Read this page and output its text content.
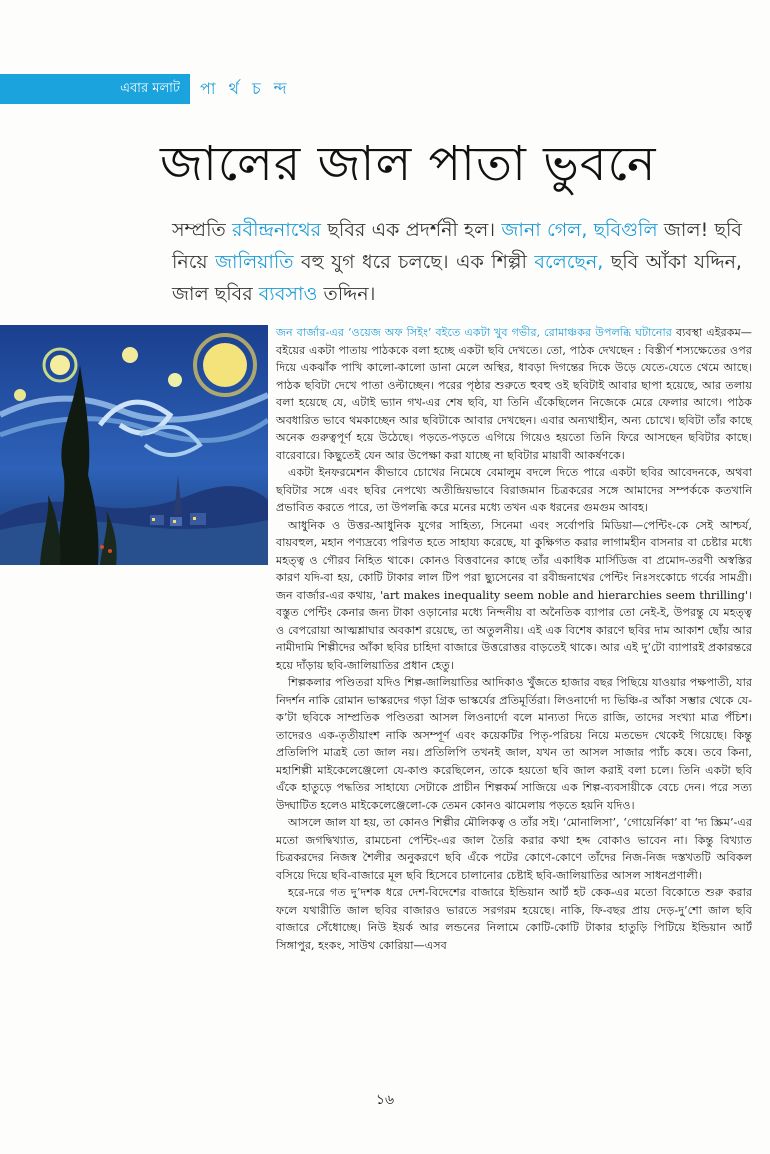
এবার মলাট	পা র্থ চ ন্দ
জালের জাল পাতা ভুবনে
সম্প্রতি রবীন্দ্রনাথের ছবির এক প্রদর্শনী হল। জানা গেল, ছবিগুলি জাল! ছবি নিয়ে জালিয়াতি বহু যুগ ধরে চলছে। এক শিল্পী বলেছেন, ছবি আঁকা যদ্দিন, জাল ছবির ব্যবসাও তদ্দিন।

জন বার্জার-এর ‘ওয়েজ অফ সিইং’ বইতে একটা খুব গভীর, রোমাঞ্চকর উপলব্ধি ঘটানোর ব্যবস্থা এইরকম—বইয়ের একটা পাতায় পাঠককে বলা হচ্ছে একটা ছবি দেখতে। তো, পাঠক দেখছেন : বিস্তীর্ণ শস্যক্ষেতের ওপর দিয়ে একঝাঁক পাখি কালো-কালো ডানা মেলে অস্থির, ধাবড়া দিগন্তের দিকে উড়ে যেতে-যেতে থেমে আছে। পাঠক ছবিটা দেখে পাতা ওল্টাচ্ছেন। পরের পৃষ্ঠার শুরুতে হুবহু ওই ছবিটাই আবার ছাপা হয়েছে, আর তলায় বলা হয়েছে যে, এটাই ভ্যান গখ-এর শেষ ছবি, যা তিনি এঁকেছিলেন নিজেকে মেরে ফেলার আগে। পাঠক অবধারিত ভাবে থমকাচ্ছেন আর ছবিটাকে আবার দেখছেন। এবার অন্যথাহীন, অন্য চোখে। ছবিটা তাঁর কাছে অনেক গুরুত্বপূর্ণ হয়ে উঠেছে। পড়তে-পড়তে এগিয়ে গিয়েও হয়তো তিনি ফিরে আসছেন ছবিটার কাছে। বারেবারে। কিছুতেই যেন আর উপেক্ষা করা যাচ্ছে না ছবিটার মায়াবী আকর্ষণকে।

একটা ইনফরমেশন কীভাবে চোখের নিমেষে বেমালুম বদলে দিতে পারে একটা ছবির আবেদনকে, অথবা ছবিটার সঙ্গে এবং ছবির নেপথ্যে অতীন্দ্রিয়ভাবে বিরাজমান চিত্রকরের সঙ্গে আমাদের সম্পর্ককে কতখানি প্রভাবিত করতে পারে, তা উপলব্ধি করে মনের মধ্যে তখন এক ধরনের গুমগুম আবহ।

আধুনিক ও উত্তর-আধুনিক যুগের সাহিত্য, সিনেমা এবং সর্বোপরি মিডিয়া—পেন্টিং-কে সেই আশ্চর্য, বায়বহুল, মহান পণ্যদ্রব্যে পরিণত হতে সাহায্য করেছে, যা কুক্ষিগত করার লাগামহীন বাসনার বা চেষ্টার মধ্যে মহত্ত্ব ও গৌরব নিহিত থাকে। কোনও বিত্তবানের কাছে তাঁর একাধিক মার্সিডিজ বা প্রমোদ-তরণী অস্বস্তির কারণ যদি-বা হয়, কোটি টাকার লাল টিপ পরা ছ্যুসেনের বা রবীন্দ্রনাথের পেন্টিং নিঃসংকোচে গর্বের সামগ্রী। জন বার্জার-এর কথায়, 'art makes inequality seem noble and hierarchies seem thrilling'। বস্তুত পেন্টিং কেনার জন্য টাকা ওড়ানোর মধ্যে নিন্দনীয় বা অনৈতিক ব্যাপার তো নেই-ই, উপরন্তু যে মহত্ত্ব ও বেপরোয়া আত্মশ্লাঘার অবকাশ রয়েছে, তা অতুলনীয়। এই এক বিশেষ কারণে ছবির দাম আকাশ ছোঁয় আর নামীদামি শিল্পীদের আঁকা ছবির চাহিদা বাজারে উত্তরোত্তর বাড়তেই থাকে। আর এই দু’টো ব্যাপারই প্রকারন্তরে হয়ে দাঁড়ায় ছবি-জালিয়াতির প্রধান হেতু।

শিল্পকলার পণ্ডিতরা যদিও শিল্প-জালিয়াতির আদিকাও খুঁজতে হাজার বছর পিছিয়ে যাওয়ার পক্ষপাতী, যার নিদর্শন নাকি রোমান ভাস্করদের গড়া গ্রিক ভাস্কর্যের প্রতিমূর্তিরা। লিওনার্দো দ্য ভিঞ্চি-র আঁকা সম্ভার থেকে যে-ক’টা ছবিকে সাম্প্রতিক পণ্ডিতরা আসল লিওনার্দো বলে মান্যতা দিতে রাজি, তাদের সংখ্যা মাত্র পঁচিশ। তাদেরও এক-তৃতীয়াংশ নাকি অসম্পূর্ণ এবং কয়েকটির পিতৃ-পরিচয় নিয়ে মতভেদ থেকেই গিয়েছে। কিন্তু প্রতিলিপি মাত্রই তো জাল নয়। প্রতিলিপি তখনই জাল, যখন তা আসল সাজার প্যাঁচ কষে। তবে কিনা, মহাশিল্পী মাইকেলেঞ্জেলো যে-কাণ্ড করেছিলেন, তাকে হয়তো ছবি জাল করাই বলা চলে। তিনি একটা ছবি এঁকে হাতুড়ে পদ্ধতির সাহায্যে সেটাকে প্রাচীন শিল্পকর্ম সাজিয়ে এক শিল্প-ব্যবসায়ীকে বেচে দেন। পরে সত্য উদ্ঘাটিত হলেও মাইকেলেঞ্জেলো-কে তেমন কোনও ঝামেলায় পড়তে হয়নি যদিও।

আসলে জাল যা হয়, তা কোনও শিল্পীর মৌলিকত্ব ও তাঁর সই। ‘মোনালিসা’, ‘গোয়ের্নিকা’ বা ‘দ্য স্ক্রিম’-এর মতো জগদ্বিখ্যাত, রামচেনা পেন্টিং-এর জাল তৈরি করার কথা হদ্দ বোকাও ভাবেন না। কিন্তু বিখ্যাত চিত্রকরদের নিজস্ব শৈলীর অনুকরণে ছবি এঁকে পটের কোণে-কোণে তাঁদের নিজ-নিজ দস্তখতটি অবিকল বসিয়ে দিয়ে ছবি-বাজারে মূল ছবি হিসেবে চালানোর চেষ্টাই ছবি-জালিয়াতির আসল সাধনপ্রণালী।

হরে-দরে গত দু’দশক ধরে দেশ-বিদেশের বাজারে ইন্ডিয়ান আর্ট হট কেক-এর মতো বিকোতে শুরু করার ফলে যথারীতি জাল ছবির বাজারও ভারতে সরগরম হয়েছে। নাকি, ফি-বছর প্রায় দেড়-দু’শো জাল ছবি বাজারে সেঁধোচ্ছে। নিউ ইয়র্ক আর লন্ডনের নিলামে কোটি-কোটি টাকার হাতুড়ি পিটিয়ে ইন্ডিয়ান আর্ট সিঙ্গাপুর, হংকং, সাউথ কোরিয়া—এসব

১৬
